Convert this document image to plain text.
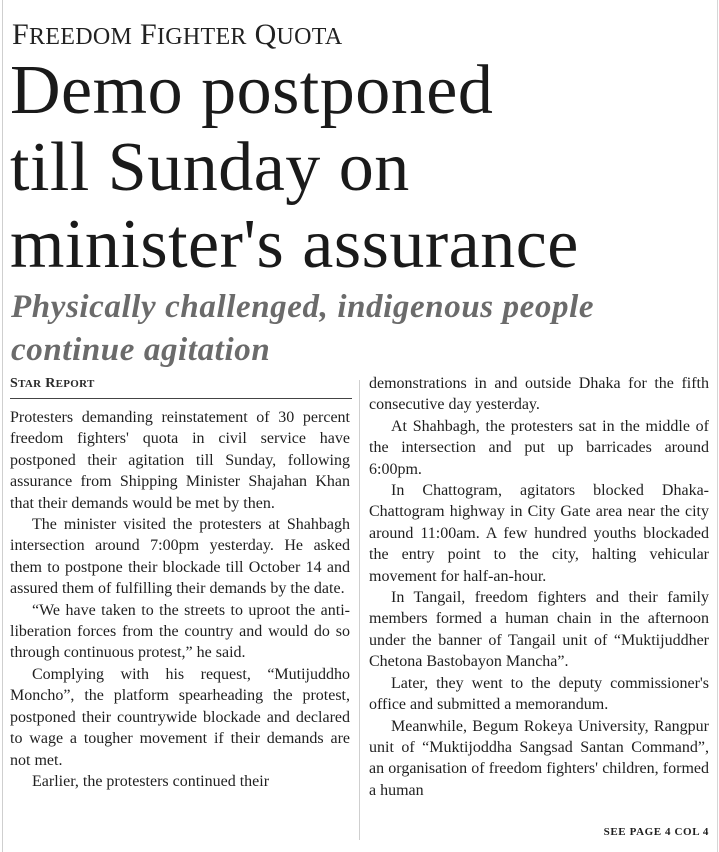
FREEDOM FIGHTER QUOTA
Demo postponed
till Sunday on
minister's assurance
Physically challenged, indigenous people
continue agitation
STAR REPORT

Protesters demanding reinstatement of 30 percent freedom fighters' quota in civil service have postponed their agitation till Sunday, following assurance from Shipping Minister Shajahan Khan that their demands would be met by then.

The minister visited the protesters at Shahbagh intersection around 7:00pm yesterday. He asked them to postpone their blockade till October 14 and assured them of fulfilling their demands by the date.

“We have taken to the streets to uproot the anti-liberation forces from the country and would do so through continuous protest,” he said.

Complying with his request, “Mutijuddho Moncho”, the platform spearheading the protest, postponed their countrywide blockade and declared to wage a tougher movement if their demands are not met.

Earlier, the protesters continued their

demonstrations in and outside Dhaka for the fifth consecutive day yesterday.

At Shahbagh, the protesters sat in the middle of the intersection and put up barricades around 6:00pm.

In Chattogram, agitators blocked Dhaka-Chattogram highway in City Gate area near the city around 11:00am. A few hundred youths blockaded the entry point to the city, halting vehicular movement for half-an-hour.

In Tangail, freedom fighters and their family members formed a human chain in the afternoon under the banner of Tangail unit of “Muktijuddher Chetona Bastobayon Mancha”.

Later, they went to the deputy commissioner's office and submitted a memorandum.

Meanwhile, Begum Rokeya University, Rangpur unit of “Muktijoddha Sangsad Santan Command”, an organisation of freedom fighters' children, formed a human

SEE PAGE 4 COL 4
